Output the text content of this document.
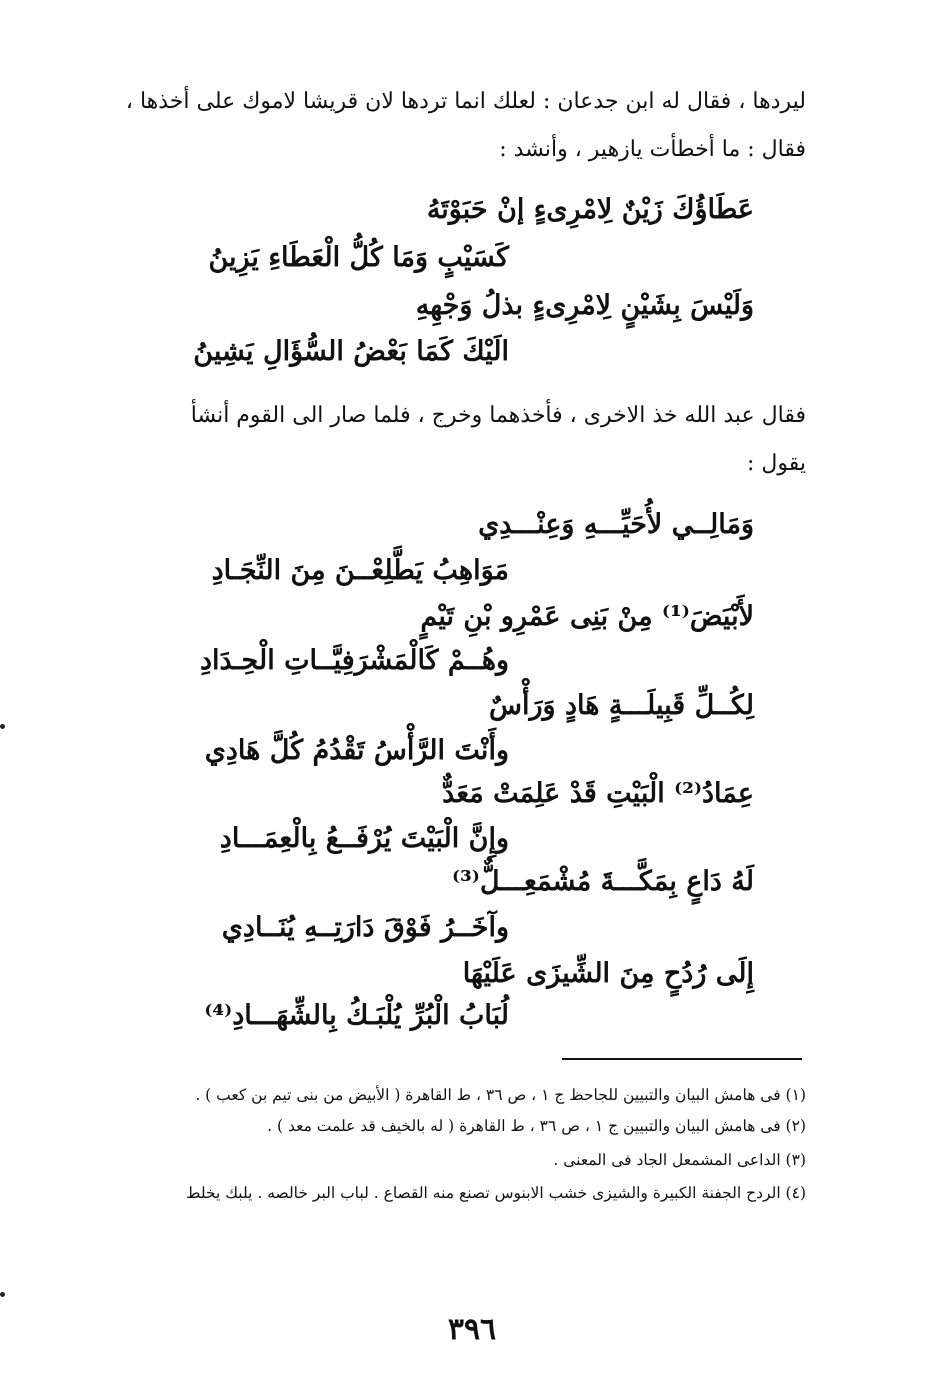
ليردها ، فقال له ابن جدعان : لعلك انما تردها لان قريشا لاموك على أخذها ،
فقال : ما أخطأت يازهير ، وأنشد :
عَطَاؤُكَ زَيْنٌ لِامْرِىءٍ إنْ حَبَوْتَهُ
كَسَيْبٍ وَمَا كُلُّ الْعَطَاءِ يَزِينُ
وَلَيْسَ بِشَيْنٍ لِامْرِىءٍ بذلُ وَجْهِهِ
الَيْكَ كَمَا بَعْضُ السُّؤَالِ يَشِينُ
فقال عبد الله خذ الاخرى ، فأخذهما وخرج ، فلما صار الى القوم أنشأ
يقول :
وَمَالِــي لأُحَيِّـــهِ وَعِنْـــدِي
مَوَاهِبُ يَطَّلِعْــنَ مِنَ النِّجَـادِ
لأَبْيَضَ⁽¹⁾ مِنْ بَنِى عَمْرِو بْنِ تَيْمٍ
وهُــمْ كَالْمَشْرَفِيَّــاتِ الْحِـدَادِ
لِكُــلِّ قَبِيلَـــةٍ هَادٍ وَرَأْسٌ
وأَنْتَ الرَّأْسُ تَقْدُمُ كُلَّ هَادِي
عِمَادُ⁽²⁾ الْبَيْتِ قَدْ عَلِمَتْ مَعَدٌّ
وإِنَّ الْبَيْتَ يُرْفَــعُ بِالْعِمَـــادِ
لَهُ دَاعٍ بِمَكَّـــةَ مُشْمَعِـــلٌّ⁽³⁾
وآخَــرُ فَوْقَ دَارَتِــهِ يُنَــادِي
إِلَى رُدُحٍ مِنَ الشِّيزَى عَلَيْهَا
لُبَابُ الْبُرِّ يُلْبَـكُ بِالشِّهَـــادِ⁽⁴⁾
(١) فى هامش البيان والتبيين للجاحظ ج ١ ، ص ٣٦ ، ط القاهرة ( الأبيض من بنى تيم بن كعب ) .
(٢) فى هامش البيان والتبيين ج ١ ، ص ٣٦ ، ط القاهرة ( له بالخيف قد علمت معد ) .
(٣) الداعى المشمعل الجاد فى المعنى .
(٤) الردح الجفنة الكبيرة والشيزى خشب الابنوس تصنع منه القصاع . لباب البر خالصه . يلبك يخلط
٣٩٦
